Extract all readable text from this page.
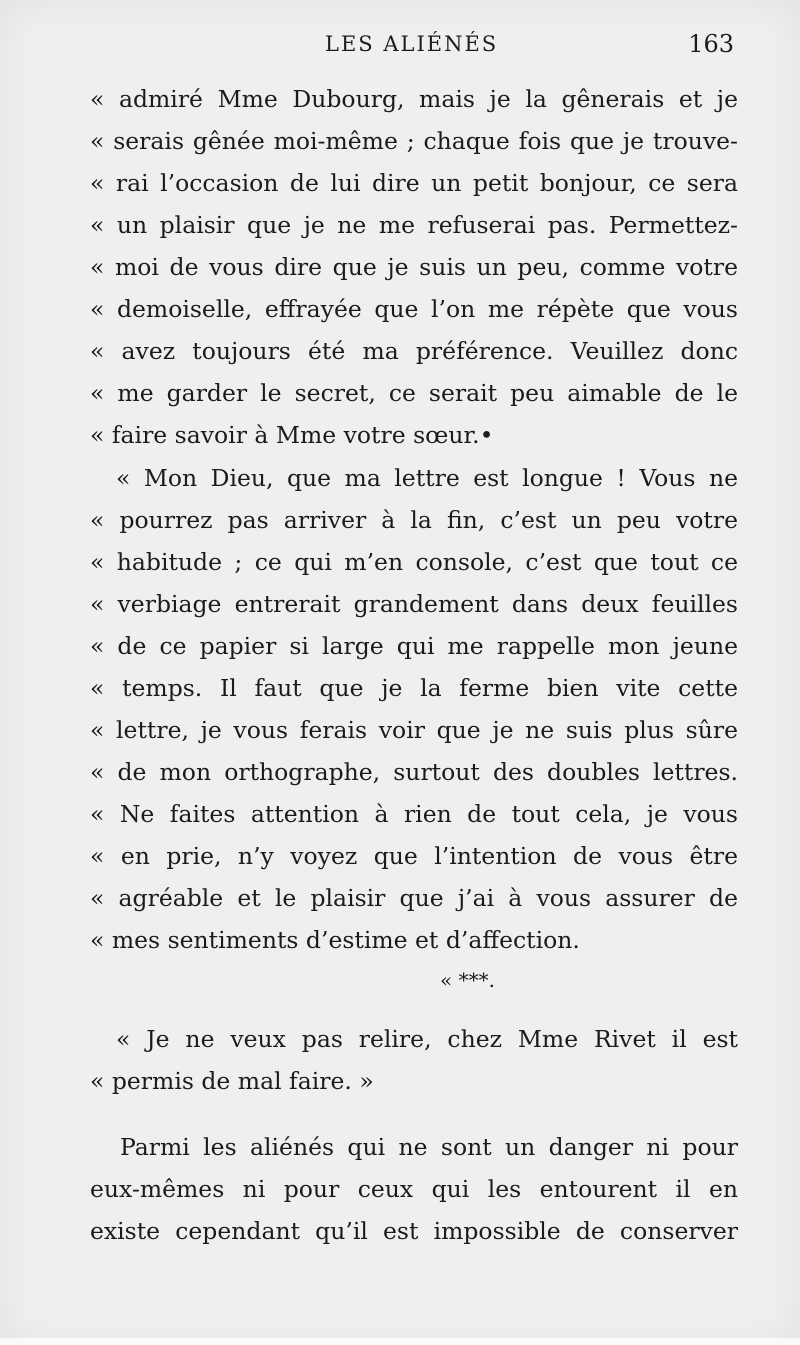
LES ALIÉNÉS	163
« admiré Mme Dubourg, mais je la gênerais et je
« serais gênée moi-même ; chaque fois que je trouve-
« rai l’occasion de lui dire un petit bonjour, ce sera
« un plaisir que je ne me refuserai pas. Permettez-
« moi de vous dire que je suis un peu, comme votre
« demoiselle, effrayée que l’on me répète que vous
« avez toujours été ma préférence. Veuillez donc
« me garder le secret, ce serait peu aimable de le
« faire savoir à Mme votre sœur.•
« Mon Dieu, que ma lettre est longue ! Vous ne
« pourrez pas arriver à la fin, c’est un peu votre
« habitude ; ce qui m’en console, c’est que tout ce
« verbiage entrerait grandement dans deux feuilles
« de ce papier si large qui me rappelle mon jeune
« temps. Il faut que je la ferme bien vite cette
« lettre, je vous ferais voir que je ne suis plus sûre
« de mon orthographe, surtout des doubles lettres.
« Ne faites attention à rien de tout cela, je vous
« en prie, n’y voyez que l’intention de vous être
« agréable et le plaisir que j’ai à vous assurer de
« mes sentiments d’estime et d’affection.
« Je ne veux pas relire, chez Mme Rivet il est
« permis de mal faire. »
Parmi les aliénés qui ne sont un danger ni pour
eux-mêmes ni pour ceux qui les entourent il en
existe cependant qu’il est impossible de conserver
« ***.
